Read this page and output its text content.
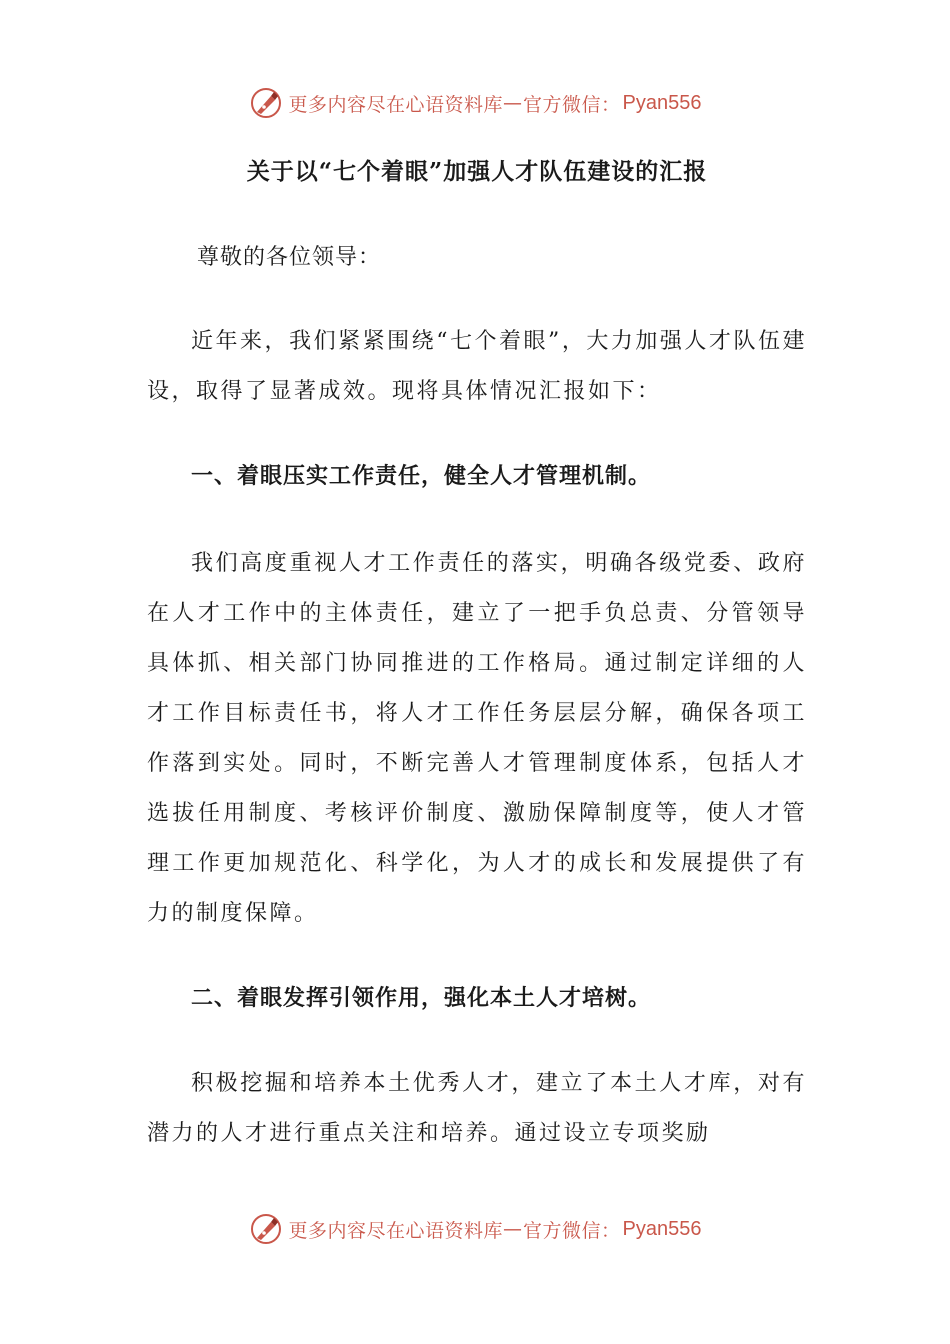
更多内容尽在心语资料库 — 官方微信： Pyan556
关于以“七个着眼”加强人才队伍建设的汇报

尊敬的各位领导：

近年来，我们紧紧围绕“七个着眼”，大力加强人才队伍建设，取得了显著成效。现将具体情况汇报如下：

一、着眼压实工作责任，健全人才管理机制。

我们高度重视人才工作责任的落实，明确各级党委、政府在人才工作中的主体责任，建立了一把手负总责、分管领导具体抓、相关部门协同推进的工作格局。通过制定详细的人才工作目标责任书，将人才工作任务层层分解，确保各项工作落到实处。同时，不断完善人才管理制度体系，包括人才选拔任用制度、考核评价制度、激励保障制度等，使人才管理工作更加规范化、科学化，为人才的成长和发展提供了有力的制度保障。

二、着眼发挥引领作用，强化本土人才培树。

积极挖掘和培养本土优秀人才，建立了本土人才库，对有潜力的人才进行重点关注和培养。通过设立专项奖励

更多内容尽在心语资料库 — 官方微信： Pyan556
